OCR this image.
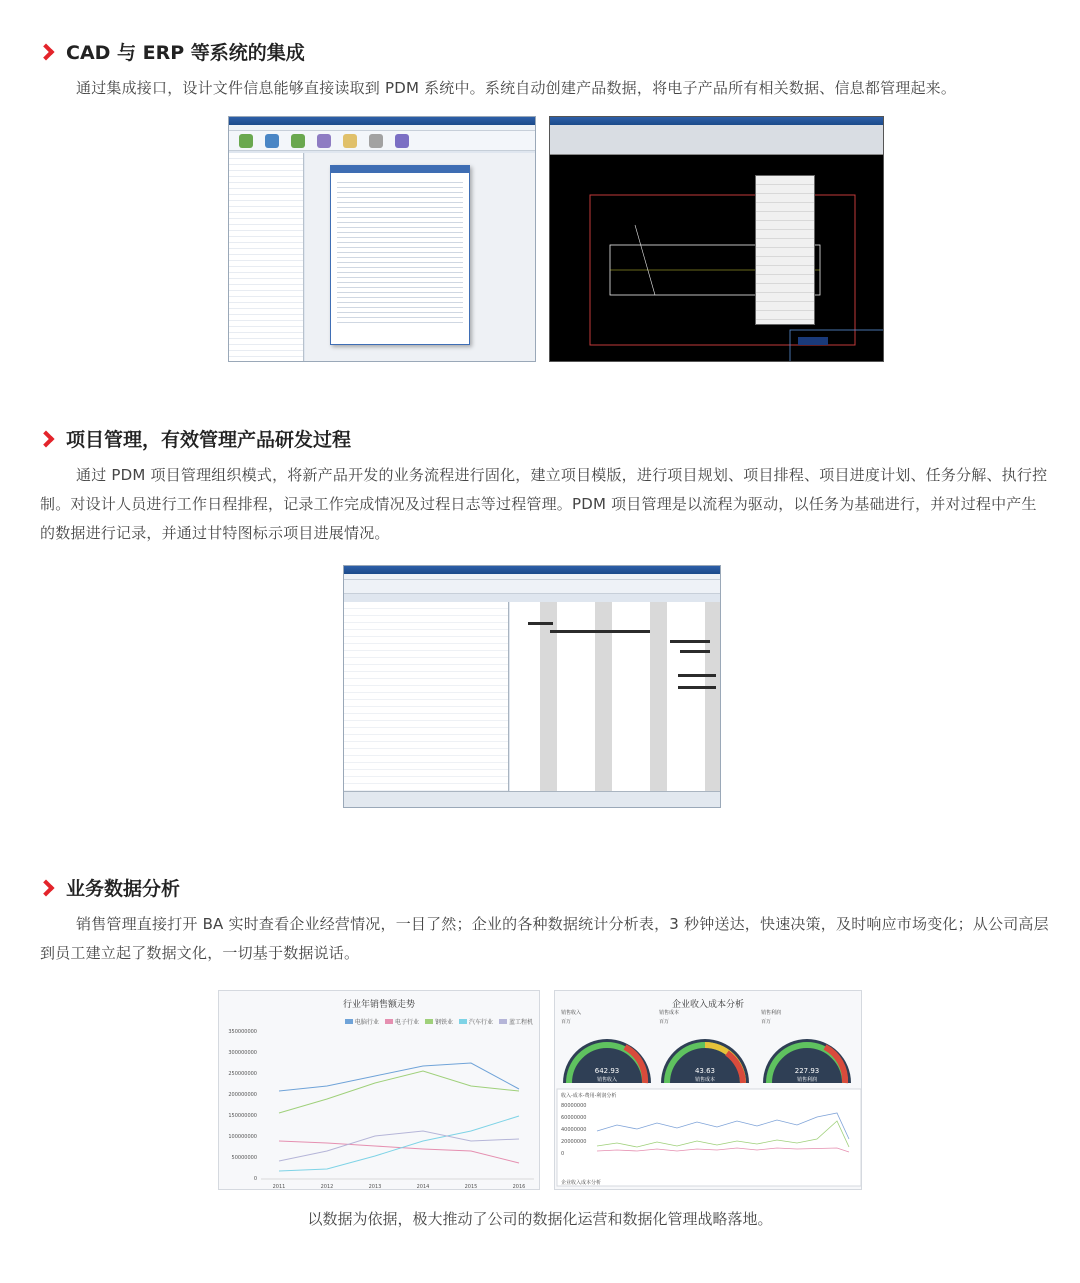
CAD 与 ERP 等系统的集成
通过集成接口，设计文件信息能够直接读取到 PDM 系统中。系统自动创建产品数据，将电子产品所有相关数据、信息都管理起来。
项目管理，有效管理产品研发过程
通过 PDM 项目管理组织模式，将新产品开发的业务流程进行固化，建立项目模版，进行项目规划、项目排程、项目进度计划、任务分解、执行控制。对设计人员进行工作日程排程，记录工作完成情况及过程日志等过程管理。PDM 项目管理是以流程为驱动，以任务为基础进行，并对过程中产生的数据进行记录，并通过甘特图标示项目进展情况。
业务数据分析
销售管理直接打开 BA 实时查看企业经营情况，一目了然；企业的各种数据统计分析表，3 秒钟送达，快速决策，及时响应市场变化；从公司高层到员工建立起了数据文化，一切基于数据说话。
行业年销售额走势
电脑行业	电子行业	钢铁业	汽车行业	蓝工程机
350000000
300000000
250000000
200000000
150000000
100000000
50000000
0
2011	2012	2013	2014	2015	2016
企业收入成本分析
销售收入
百万
销售成本
百万
销售利润
百万
642.93
销售收入
43.63
销售成本
227.93
销售利润
收入-成本-费用-利润分析
80000000
60000000
40000000
20000000
0
企业收入成本分析
以数据为依据，极大推动了公司的数据化运营和数据化管理战略落地。
